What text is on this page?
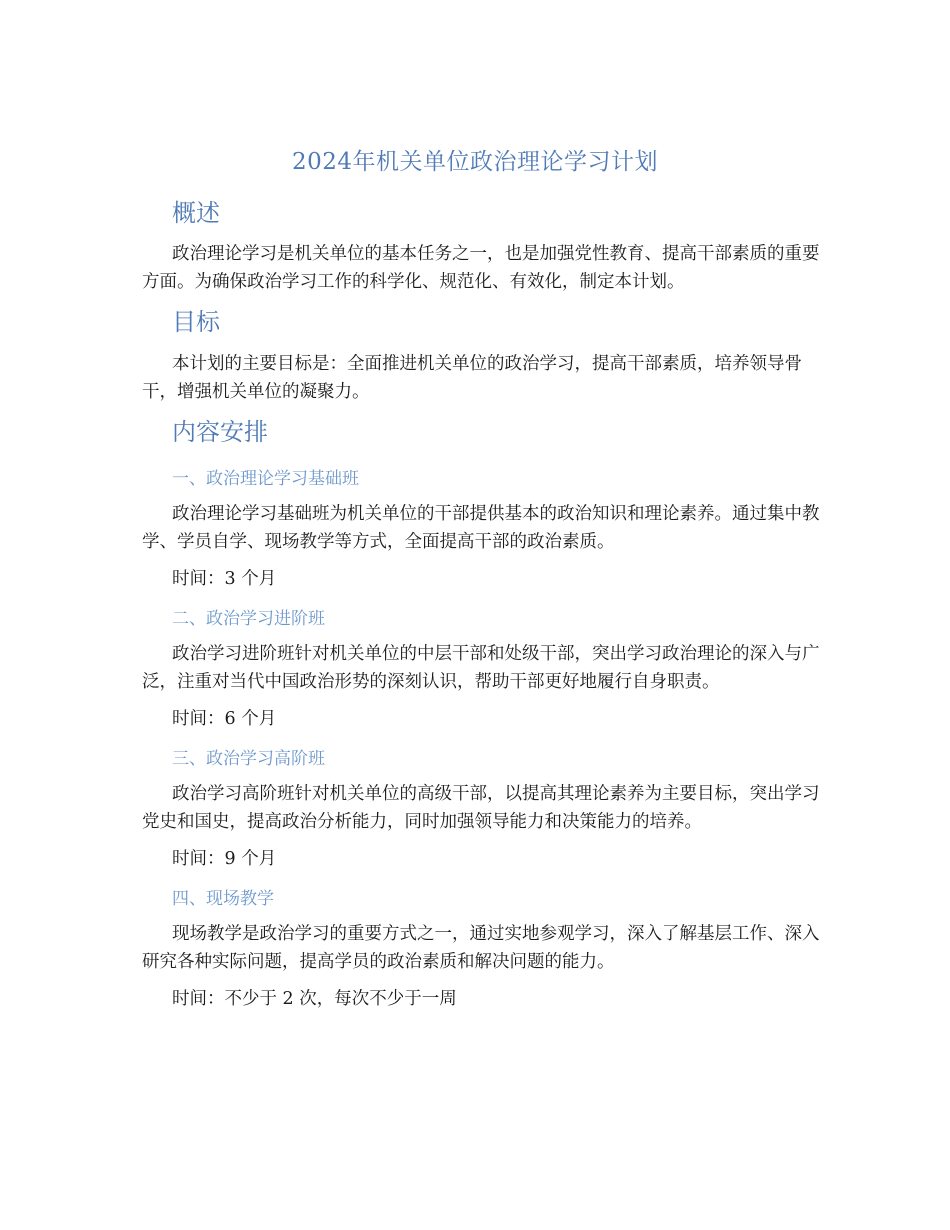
2024年机关单位政治理论学习计划
概述
政治理论学习是机关单位的基本任务之一，也是加强党性教育、提高干部素质的重要方面。为确保政治学习工作的科学化、规范化、有效化，制定本计划。
目标
本计划的主要目标是：全面推进机关单位的政治学习，提高干部素质，培养领导骨干，增强机关单位的凝聚力。
内容安排
一、政治理论学习基础班
政治理论学习基础班为机关单位的干部提供基本的政治知识和理论素养。通过集中教学、学员自学、现场教学等方式，全面提高干部的政治素质。
时间：3 个月
二、政治学习进阶班
政治学习进阶班针对机关单位的中层干部和处级干部，突出学习政治理论的深入与广泛，注重对当代中国政治形势的深刻认识，帮助干部更好地履行自身职责。
时间：6 个月
三、政治学习高阶班
政治学习高阶班针对机关单位的高级干部，以提高其理论素养为主要目标，突出学习党史和国史，提高政治分析能力，同时加强领导能力和决策能力的培养。
时间：9 个月
四、现场教学
现场教学是政治学习的重要方式之一，通过实地参观学习，深入了解基层工作、深入研究各种实际问题，提高学员的政治素质和解决问题的能力。
时间：不少于 2 次，每次不少于一周
